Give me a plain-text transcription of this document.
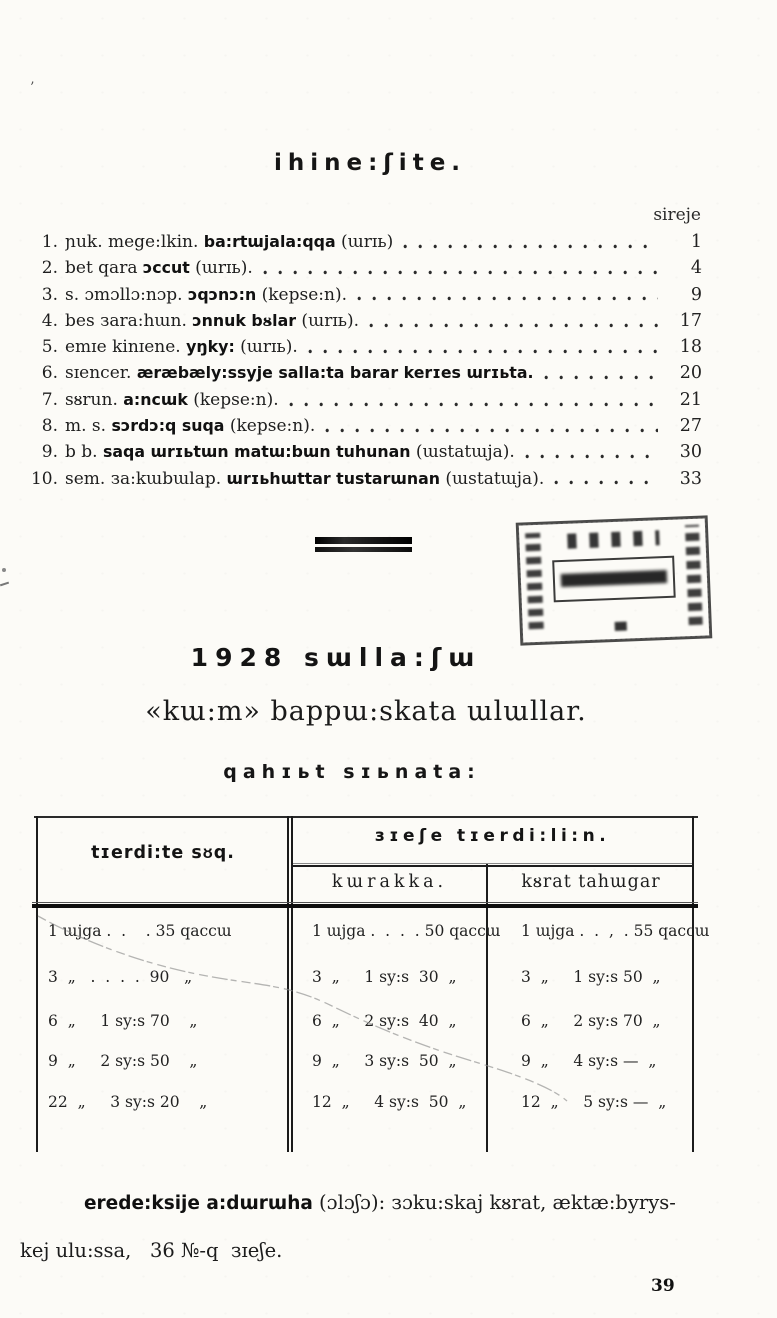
’
ihine:ʃite.
sireje
1. ɲuk. mege:lkin. ba:rtɯjala:qqa (ɯrɪь)	1
2. bet qara ɔccut (ɯrɪь).	4
3. s. ɔmɔllɔ:nɔp. ɔqɔnɔ:n (kepse:n).	9
4. bes зara:hɯn. ɔnnuk bᴕlar (ɯrɪь).	17
5. emɪe kinɪene. yŋky: (ɯrɪь).	18
6. sɪencer. æræbæly:ssyje salla:ta barar kerɪes ɯrɪьta.	20
7. sᴕrun. a:ncɯk (kepse:n).	21
8. m. s. sɔrdɔ:q suqa (kepse:n).	27
9. b b. saqa ɯrɪьtɯn matɯ:bɯn tuhunan (ɯstatɯja).	30
10. sem. зa:kɯbɯlap. ɯrɪьhɯttar tustarɯnan (ɯstatɯja).	33
1928 sɯlla:ʃɯ
«kɯ:m» bappɯ:skata ɯlɯllar.
qahɪьt sɪьnata:
tɪerdi:te sᴕq.
зɪeʃe tɪerdi:li:n.
kɯrakka.	kᴕrat tahɯgar
1 ɯjga .  .    . 35 qaccɯ	1 ɯjga .  .  .  . 50 qaccɯ	1 ɯjga .  .  ,  . 55 qaccɯ
3  „   .  .  .  .  90   „	3  „     1 sy:s  30  „	3  „     1 sy:s 50  „
6  „     1 sy:s 70    „	6  „     2 sy:s  40  „	6  „     2 sy:s 70  „
9  „     2 sy:s 50    „	9  „     3 sy:s  50  „	9  „     4 sy:s —  „
22  „     3 sy:s 20    „	12  „     4 sy:s  50  „	12  „     5 sy:s —  „
erede:ksije a:dɯrɯha (ɔlɔʃɔ): зɔku:skaj kᴕrat, æktæ:byrys-
kej ulu:ssa,   36 №-q  зɪeʃe.
39
